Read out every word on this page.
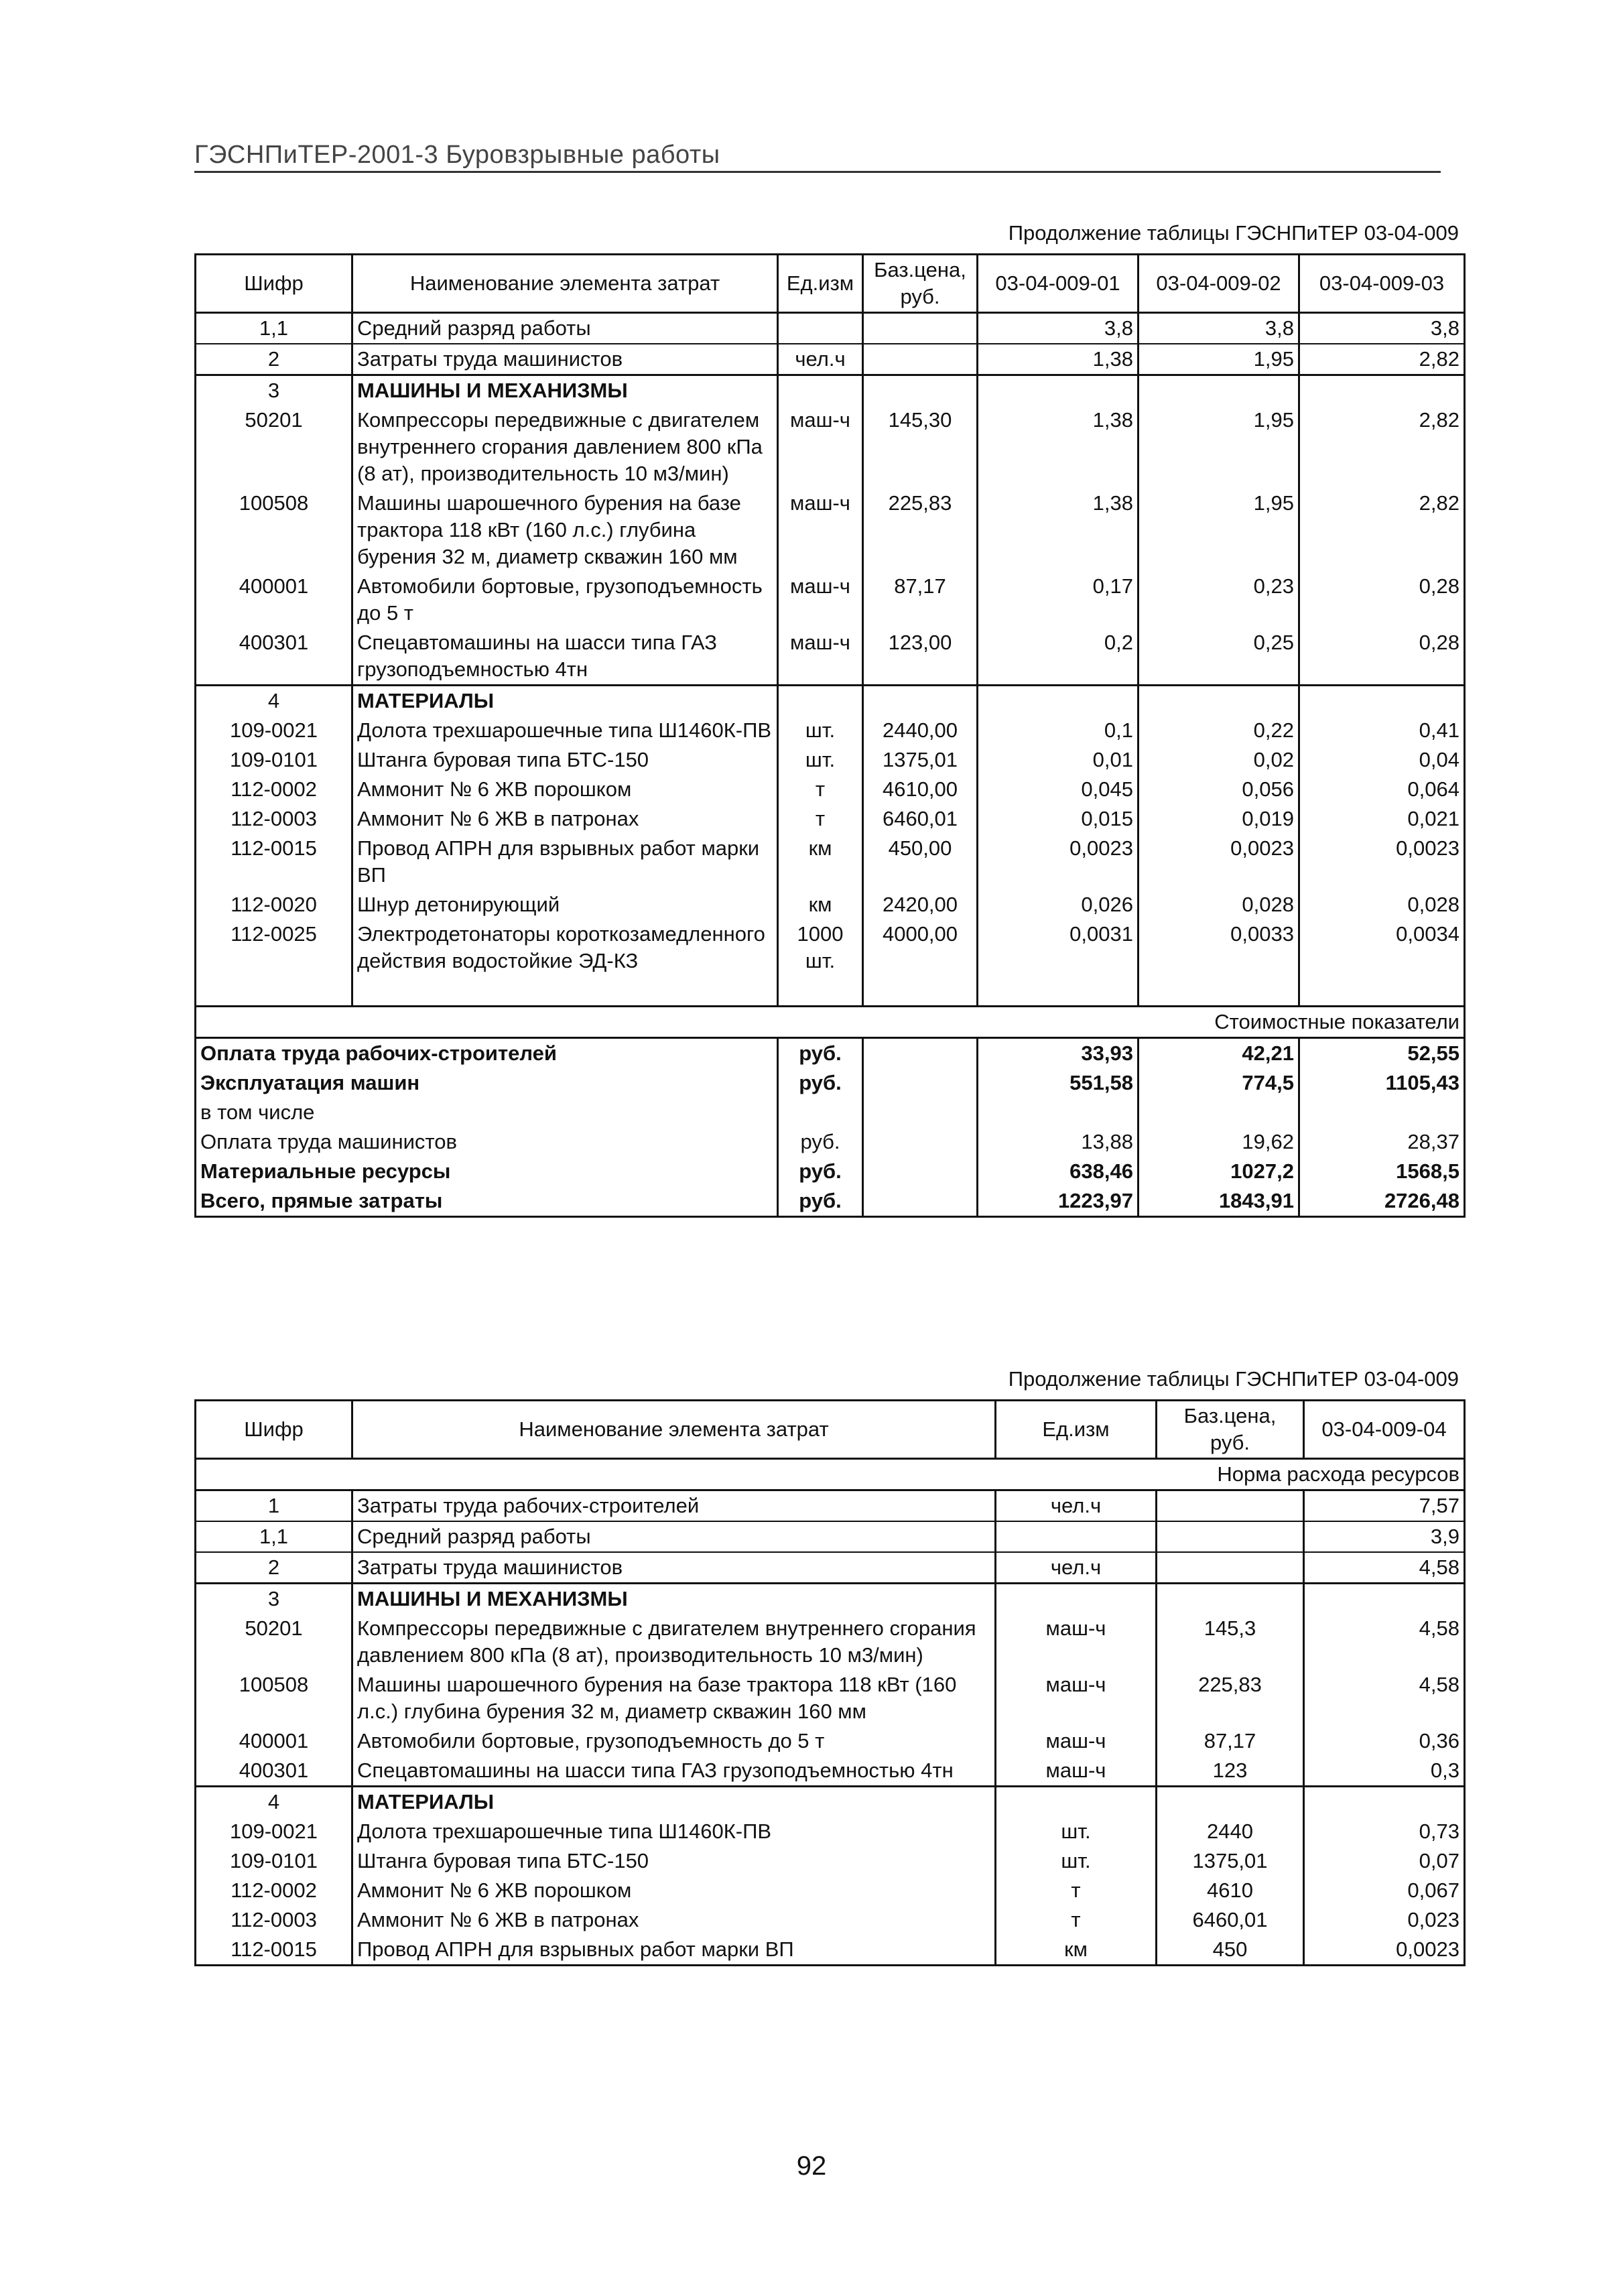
ГЭСНПиТЕР-2001-3 Буровзрывные работы
Продолжение таблицы ГЭСНПиТЕР 03-04-009
Шифр	Наименование элемента затрат	Ед.изм	Баз.цена, руб.	03-04-009-01	03-04-009-02	03-04-009-03
1,1	Средний разряд работы			3,8	3,8	3,8
2	Затраты труда машинистов	чел.ч		1,38	1,95	2,82
3	МАШИНЫ И МЕХАНИЗМЫ					
50201	Компрессоры передвижные с двигателем внутреннего сгорания давлением 800 кПа (8 ат), производительность 10 м3/мин)	маш-ч	145,30	1,38	1,95	2,82
100508	Машины шарошечного бурения на базе трактора 118 кВт (160 л.с.) глубина бурения 32 м, диаметр скважин 160 мм	маш-ч	225,83	1,38	1,95	2,82
400001	Автомобили бортовые, грузоподъемность до 5 т	маш-ч	87,17	0,17	0,23	0,28
400301	Спецавтомашины на шасси типа ГАЗ грузоподъемностью 4тн	маш-ч	123,00	0,2	0,25	0,28
4	МАТЕРИАЛЫ					
109-0021	Долота трехшарошечные типа Ш1460К-ПВ	шт.	2440,00	0,1	0,22	0,41
109-0101	Штанга буровая типа БТС-150	шт.	1375,01	0,01	0,02	0,04
112-0002	Аммонит № 6 ЖВ порошком	т	4610,00	0,045	0,056	0,064
112-0003	Аммонит № 6 ЖВ в патронах	т	6460,01	0,015	0,019	0,021
112-0015	Провод АПРН для взрывных работ марки ВП	км	450,00	0,0023	0,0023	0,0023
112-0020	Шнур детонирующий	км	2420,00	0,026	0,028	0,028
112-0025	Электродетонаторы короткозамедленного действия водостойкие ЭД-КЗ	1000 шт.	4000,00	0,0031	0,0033	0,0034

Стоимостные показатели						
Оплата труда рабочих-строителей		руб.		33,93	42,21	52,55
Эксплуатация машин		руб.		551,58	774,5	1105,43
в том числе						
Оплата труда машинистов		руб.		13,88	19,62	28,37
Материальные ресурсы		руб.		638,46	1027,2	1568,5
Всего, прямые затраты		руб.		1223,97	1843,91	2726,48
Продолжение таблицы ГЭСНПиТЕР 03-04-009
Шифр	Наименование элемента затрат	Ед.изм	Баз.цена, руб.	03-04-009-04
Норма расхода ресурсов				
1	Затраты труда рабочих-строителей	чел.ч		7,57
1,1	Средний разряд работы			3,9
2	Затраты труда машинистов	чел.ч		4,58
3	МАШИНЫ И МЕХАНИЗМЫ			
50201	Компрессоры передвижные с двигателем внутреннего сгорания давлением 800 кПа (8 ат), производительность 10 м3/мин)	маш-ч	145,3	4,58
100508	Машины шарошечного бурения на базе трактора 118 кВт (160 л.с.) глубина бурения 32 м, диаметр скважин 160 мм	маш-ч	225,83	4,58
400001	Автомобили бортовые, грузоподъемность до 5 т	маш-ч	87,17	0,36
400301	Спецавтомашины на шасси типа ГАЗ грузоподъемностью 4тн	маш-ч	123	0,3
4	МАТЕРИАЛЫ			
109-0021	Долота трехшарошечные типа Ш1460К-ПВ	шт.	2440	0,73
109-0101	Штанга буровая типа БТС-150	шт.	1375,01	0,07
112-0002	Аммонит № 6 ЖВ порошком	т	4610	0,067
112-0003	Аммонит № 6 ЖВ в патронах	т	6460,01	0,023
112-0015	Провод АПРН для взрывных работ марки ВП	км	450	0,0023
92
